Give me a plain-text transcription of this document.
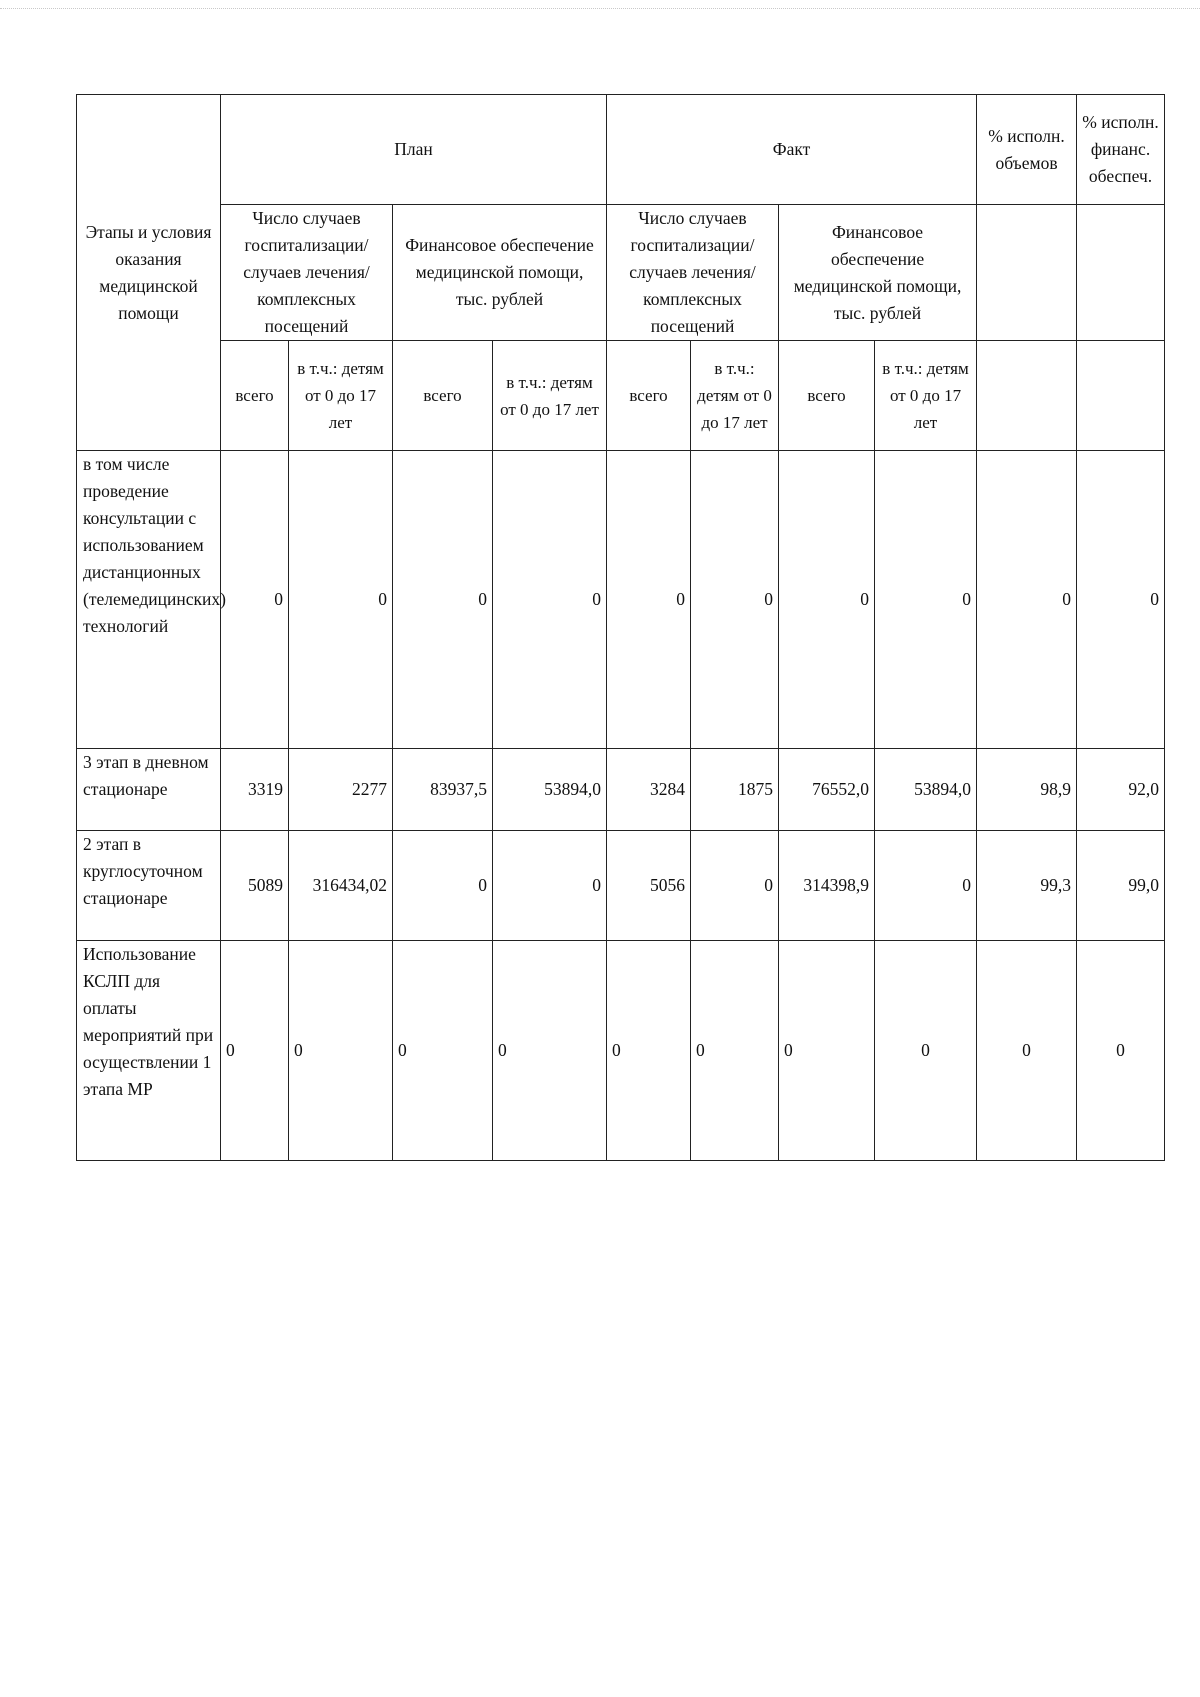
Этапы и условия оказания медицинской помощи	План				Факт				% исполн. объемов	% исполн. финанс. обеспеч.
	Число случаев госпитализации/ случаев лечения/ комплексных посещений		Финансовое обеспечение медицинской помощи, тыс. рублей		Число случаев госпитализации/ случаев лечения/ комплексных посещений		Финансовое обеспечение медицинской помощи, тыс. рублей			
	всего	в т.ч.: детям от 0 до 17 лет	всего	в т.ч.: детям от 0 до 17 лет	всего	в т.ч.: детям от 0 до 17 лет	всего	в т.ч.: детям от 0 до 17 лет		
в том числе проведение консультации с использованием дистанционных (телемедицинских) технологий	0	0	0	0	0	0	0	0	0	0
3 этап в дневном стационаре	3319	2277	83937,5	53894,0	3284	1875	76552,0	53894,0	98,9	92,0
2 этап в круглосуточном стационаре	5089	316434,02	0	0	5056	0	314398,9	0	99,3	99,0
Использование КСЛП для оплаты мероприятий при осуществлении 1 этапа МР	0	0	0	0	0	0	0	0	0	0
